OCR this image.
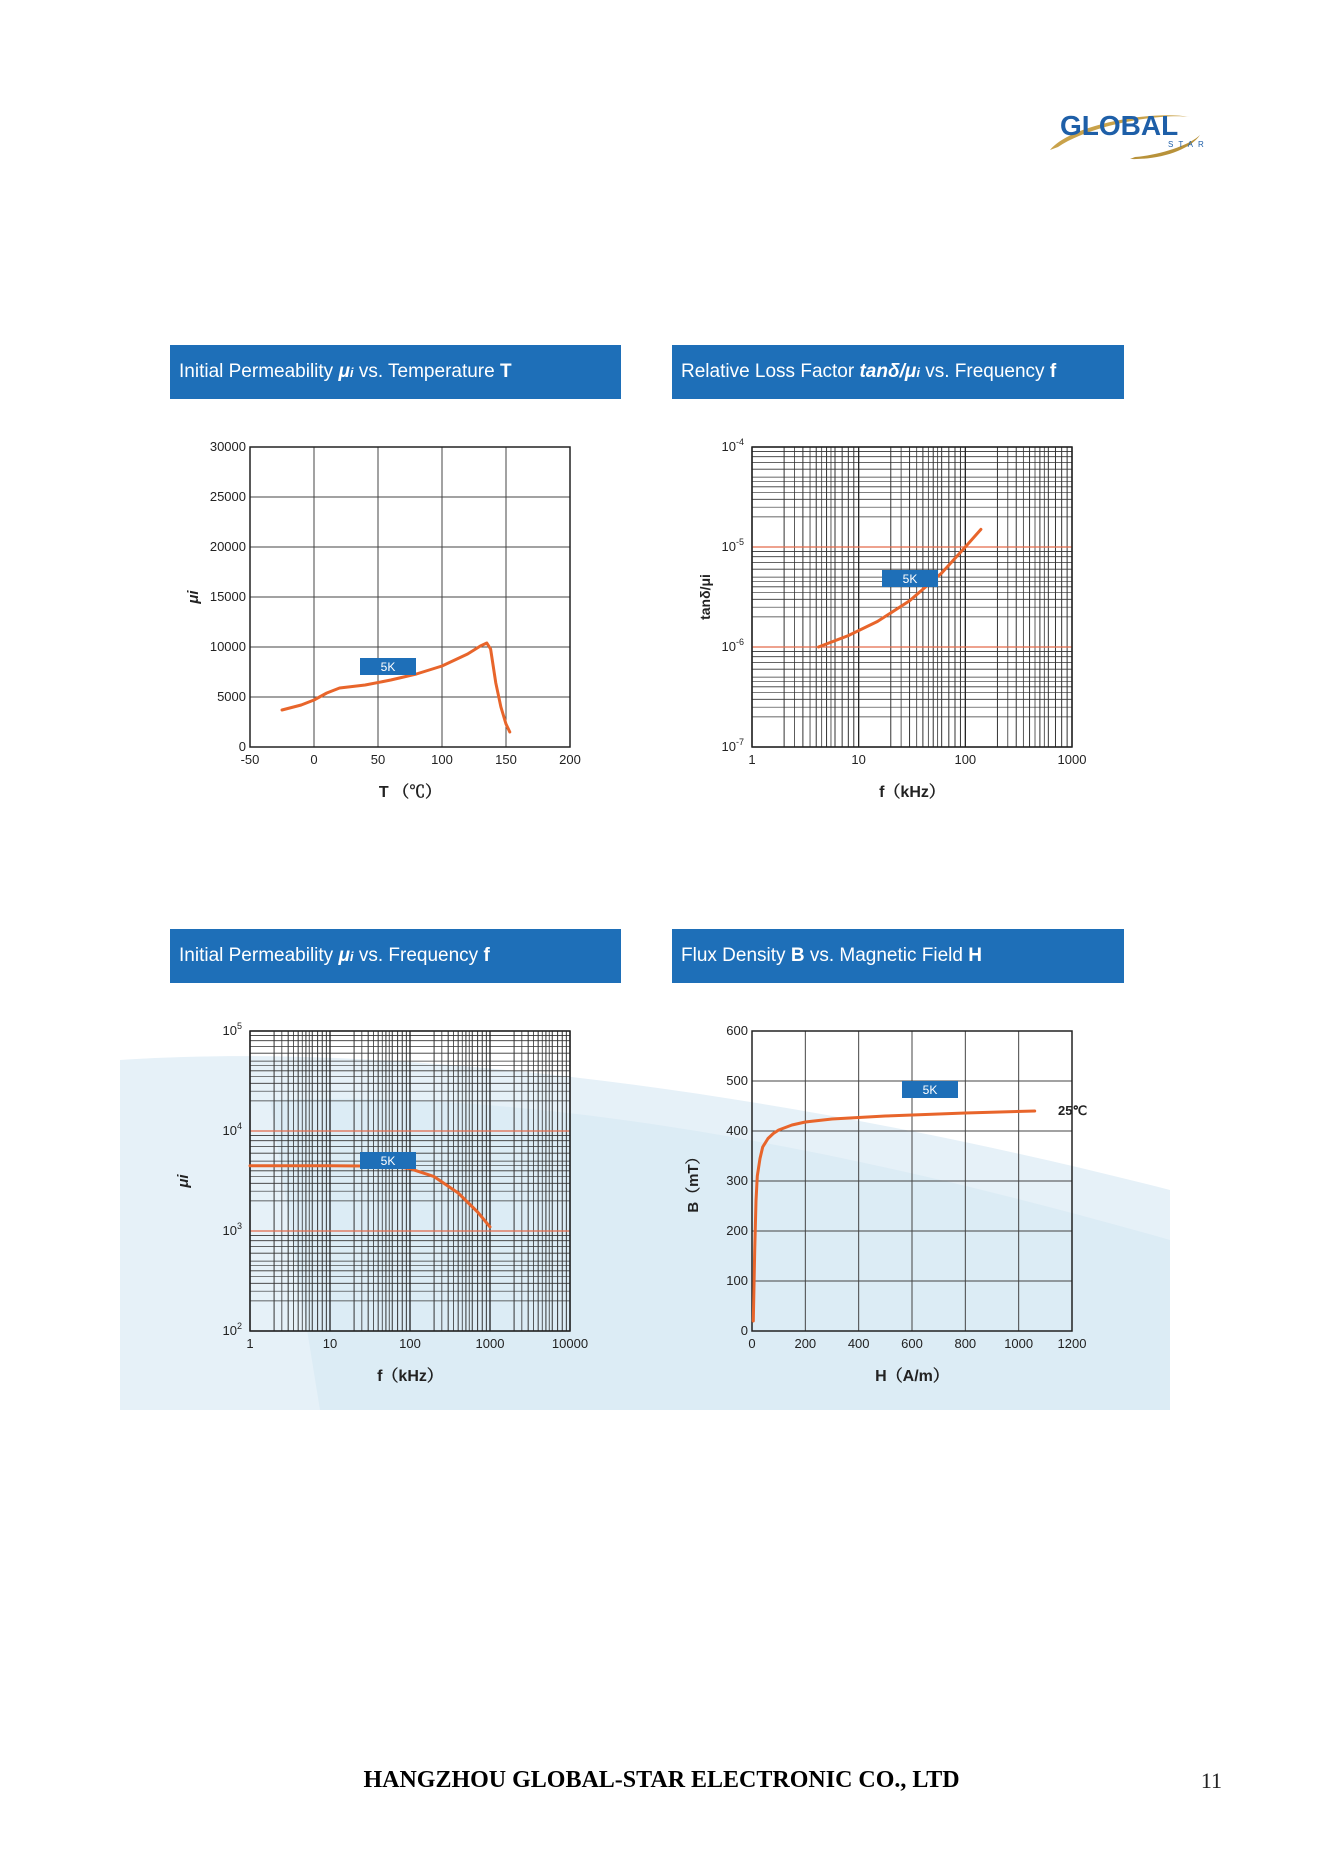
GLOBAL
STAR
Initial Permeability μi vs. Temperature T	Relative Loss Factor tanδ/μi vs. Frequency f
Initial Permeability μi vs. Frequency f	Flux Density B vs. Magnetic Field H
-50	0	50	100	150	200
0
5000
10000
15000
20000
25000
30000
T （℃）
μi
5K
1	10	100	1000
$10^{-7}$
$10^{-6}$
$10^{-5}$
$10^{-4}$
f（kHz）
tanδ/μi	5K
1	10	100	1000	10000
$10^2$
$10^3$
$10^4$
$10^5$
f（kHz）
μi
5K
0	200 400 600 800 1000 1200
0
100
200
300
400
500
600
H（A/m）
B（mT）
5K
25℃
HANGZHOU GLOBAL-STAR ELECTRONIC CO., LTD	11
